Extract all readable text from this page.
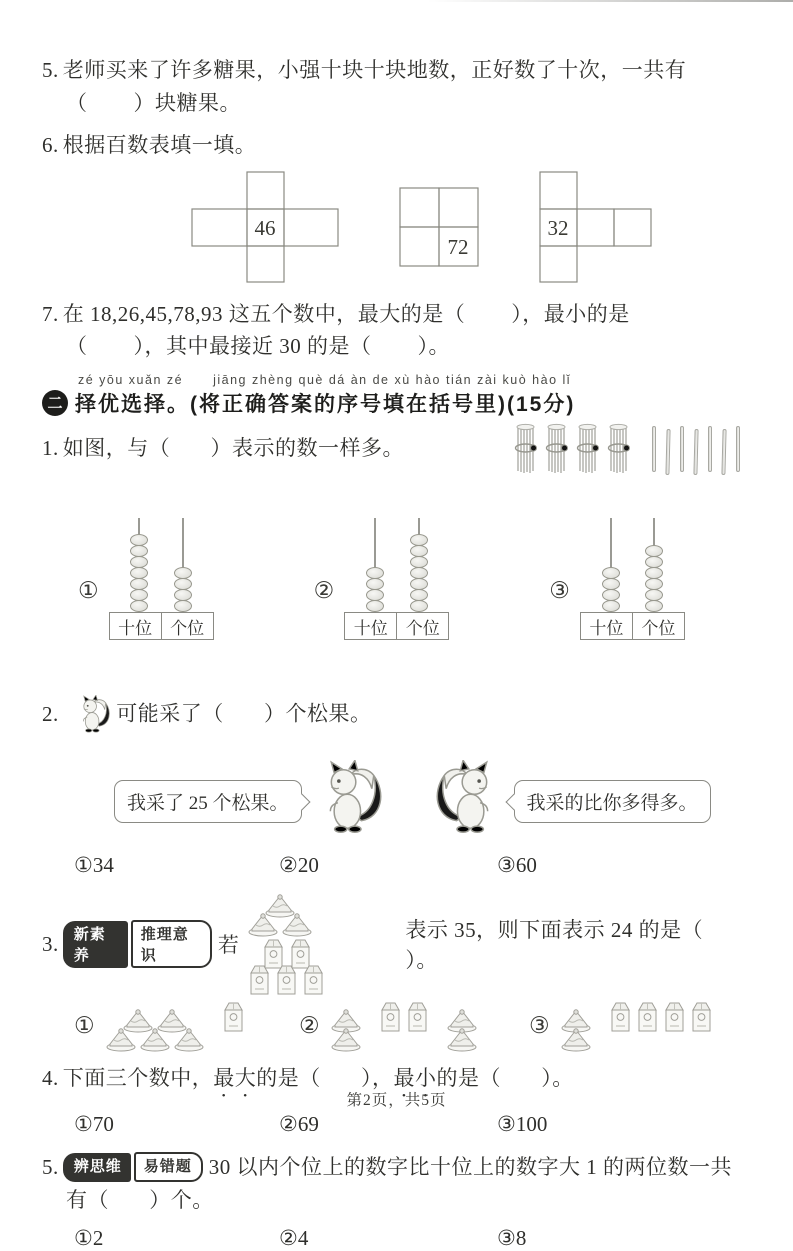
5. 老师买来了许多糖果，小强十块十块地数，正好数了十次，一共有
（        ）块糖果。
6. 根据百数表填一填。
46
72
32
7. 在 18,26,45,78,93 这五个数中，最大的是（        ），最小的是
（        ），其中最接近 30 的是（        ）。
zé yōu xuǎn zé jiāng zhèng què dá àn de xù hào tián zài kuò hào lǐ
二 择优选择。(将正确答案的序号填在括号里)(15分)
1. 如图，与（       ）表示的数一样多。
①
十位	个位
②
十位	个位
③
十位	个位
2.
	可能采了（       ）个松果。
我采了 25 个松果。	我采的比你多得多。
①34	②20	③60
3.	新素养
推理意识	若
表示 35，则下面表示 24 的是（       ）。
①	②	③
4. 下面三个数中，最大的是（       ），最小的是（       ）。
①70	②69	③100
5. 辨思维 易错题 30 以内个位上的数字比十位上的数字大 1 的两位数一共
有（       ）个。
①2	②4	③8
第2页，共5页
